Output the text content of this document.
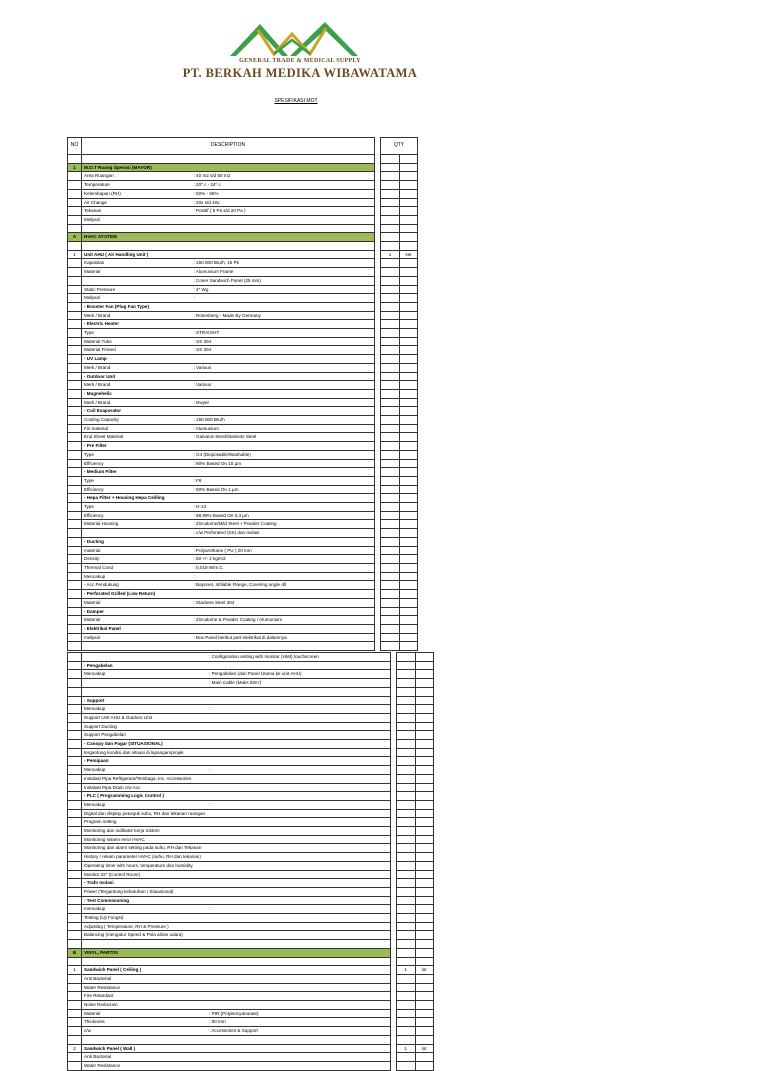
GENERAL TRADE & MEDICAL SUPPLY
PT. BERKAH MEDIKA WIBAWATAMA
SPESIFIKASI MOT
NO	DESCRIPTION			QTY	

1	M.O.T Ruang Operasi (MAYOR)				
	Area Ruangan	: 40 m2 s/d 50 m2			
	Temperature	: 20º c - 24º c			
	Kelembapan (RH)	: 50% - 65%			
	Air Change	: 20x s/d 40x			
	Tekanan	: Positif ( 5 Pa s/d 20 Pa )			
	Meliputi				

A	HVAC SYSTEM				

1	Unit AHU ( Air Handling Unit )			1	set
	Kapasitas	: 150.000 Btu/h, 15 Pk			
	Material	: Alumunium Frame			
		: Cover Sandwich Panel (25 mm)			
	Static Pressure	: 4" Wg			
	Meliputi	:			
	- Booster Fan (Plug Fan Type)				
	Merk / Brand	: Rosenberg - Made By Germany			
	- Electric Heater				
	Type	: STRAIGHT			
	Material Tube	: SS 304			
	Material Finned	: SS 304			
	- UV Lamp				
	Merk / Brand	: Various			
	- Outdoor Unit				
	Merk / Brand	: Various			
	- Magnehelic				
	Merk / Brand	: Dwyer			
	- Coil Evaporator				
	Cooling Capacity	: 150.000 Btu/h			
	Fin material	: Alumunium			
	End Sheet Material	: Galvanis Steel/Stanless Steel			
	- Pre Filter				
	Type	: G4 (Disposable/Washable)			
	Efficiency	: 90% Based On 10 µm			
	- Medium Filter				
	Type	: F8			
	Efficiency	: 90% Based On 1 µm			
	- Hepa Filter + Housing Hepa Ceilling				
	Type	: H-13			
	Efficiency	: 99,99% Based On 0,3 µm			
	Material Housing	: Zincalume/Mild Steel + Powder Coating			
		: c/w Perforated (SS) dan Isolasi			
	- Ducting				
	material	: Polyurethane ( PU ) 20 mm			
	Density	: 50 +/- 2 kg/m3			
	Thermal Cond	: 0,019 W/m.C			
	Mencakup	:			
	- Acc Pendukung	: Bayonet, Infilable Flange, Covering angle dll			
	- Perforated Grilled (Low Return)				
	Material	: Stanless Steel 304			
	- Damper				
	Material	: Zincalume & Powder Coating / Alumunium			
	- Elektrikal Panel				
	meliputi	: Box Panel berikut part elektrikal di dalamnya			

		: Configuration setting with monitor (HMI) touchscreen			
	- Pengabelan				
	Mencakup	: Pengabelan (dari Panel Utama ke unit AHU)			
		: Main Cable (Maks 50m')			

	- Support				
	Mencakup	:			
	Support Unit AHU & Outdoor Unit				
	Support Ducting				
	Support Pengabelan				
	- Canopy dan Pagar (SITUASIONAL)				
	tergantung kondisi dan situasi di lapangan/projek				
	- Pemipaan				
	Mencakup	:			
	Instalasi Pipa Refrigerant/Tembaga, Inc. Accessories				
	Instalasi Pipa Drain c/w Acc				
	- PLC ( Programming Logic Control )				
	Mencakup	:			
	Digital dan display petunjuk suhu, RH dan tekanan ruangan				
	Program setting				
	Monitoring dan indikator kerja Sistem				
	Monitoring sistem error HVAC				
	Monitoring dan alarm setting pada suhu, RH dan Tekanan				
	History / rekam parameter HVAC (suhu, RH dan tekanan)				
	Operating timer with hours, temperature dan humidity.				
	Monitor 32" (Control Room)				
	- Trafo Isolasi				
	Power (Tergantung kebutuhan / Situasional)				
	- Test Commisioning				
	mencakup	:			
	Testing (Uji Fungsi)				
	Adjusting ( Temperature, RH & Pressure )				
	Balancing (mengatur Speed & Pola aliran udara)				

B	VINYL, PARTISI				

1	Sandwich Panel ( Ceiling )			1	lot
	Anti Bacterial				
	Water Resistance				
	Fire Retardant				
	Noise Reduction				
	Material	: PIR (Polyisocyanurate)			
	Thickness	: 50 mm			
	c/w	: Accessories & Support			

2	Sandwich Panel ( Wall )			1	lot
	Anti Bacterial				
	Water Resistance				
